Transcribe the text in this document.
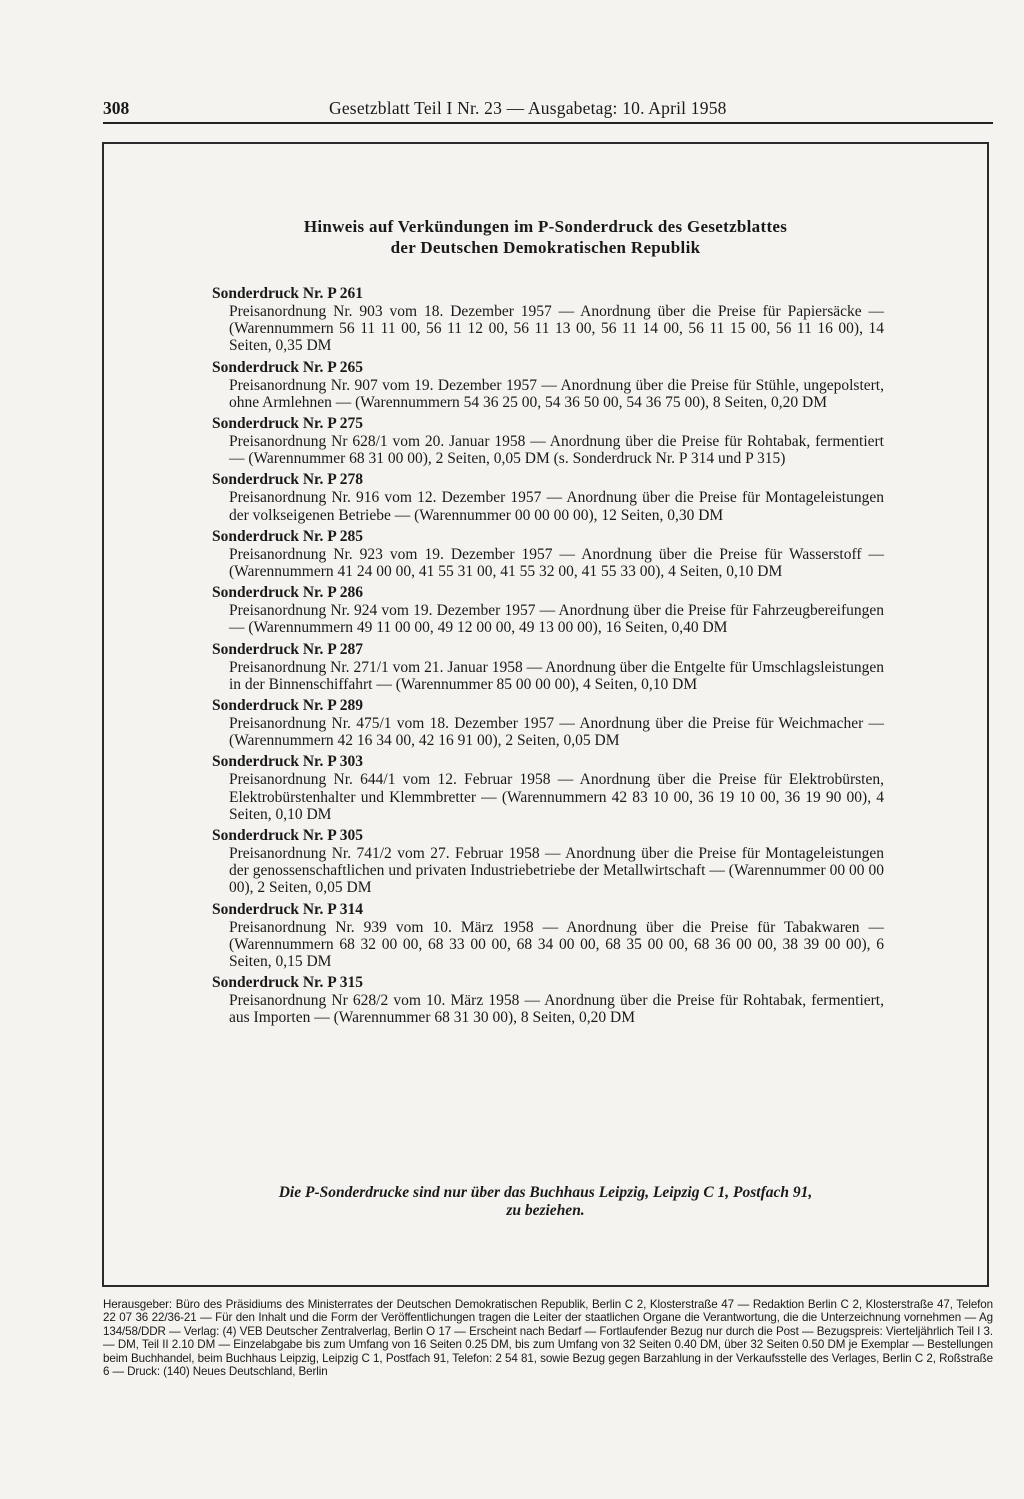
308	Gesetzblatt Teil I Nr. 23 — Ausgabetag: 10. April 1958
Hinweis auf Verkündungen im P-Sonderdruck des Gesetzblattes
der Deutschen Demokratischen Republik
Sonderdruck Nr. P 261
Preisanordnung Nr. 903 vom 18. Dezember 1957 — Anordnung über die Preise für Papiersäcke — (Warennummern 56 11 11 00, 56 11 12 00, 56 11 13 00, 56 11 14 00, 56 11 15 00, 56 11 16 00), 14 Seiten, 0,35 DM
Sonderdruck Nr. P 265
Preisanordnung Nr. 907 vom 19. Dezember 1957 — Anordnung über die Preise für Stühle, ungepolstert, ohne Armlehnen — (Warennummern 54 36 25 00, 54 36 50 00, 54 36 75 00), 8 Seiten, 0,20 DM
Sonderdruck Nr. P 275
Preisanordnung Nr 628/1 vom 20. Januar 1958 — Anordnung über die Preise für Rohtabak, fermentiert — (Warennummer 68 31 00 00), 2 Seiten, 0,05 DM (s. Sonderdruck Nr. P 314 und P 315)
Sonderdruck Nr. P 278
Preisanordnung Nr. 916 vom 12. Dezember 1957 — Anordnung über die Preise für Montageleistungen der volkseigenen Betriebe — (Warennummer 00 00 00 00), 12 Seiten, 0,30 DM
Sonderdruck Nr. P 285
Preisanordnung Nr. 923 vom 19. Dezember 1957 — Anordnung über die Preise für Wasserstoff — (Warennummern 41 24 00 00, 41 55 31 00, 41 55 32 00, 41 55 33 00), 4 Seiten, 0,10 DM
Sonderdruck Nr. P 286
Preisanordnung Nr. 924 vom 19. Dezember 1957 — Anordnung über die Preise für Fahrzeugbereifungen — (Warennummern 49 11 00 00, 49 12 00 00, 49 13 00 00), 16 Seiten, 0,40 DM
Sonderdruck Nr. P 287
Preisanordnung Nr. 271/1 vom 21. Januar 1958 — Anordnung über die Entgelte für Umschlagsleistungen in der Binnenschiffahrt — (Warennummer 85 00 00 00), 4 Seiten, 0,10 DM
Sonderdruck Nr. P 289
Preisanordnung Nr. 475/1 vom 18. Dezember 1957 — Anordnung über die Preise für Weichmacher — (Warennummern 42 16 34 00, 42 16 91 00), 2 Seiten, 0,05 DM
Sonderdruck Nr. P 303
Preisanordnung Nr. 644/1 vom 12. Februar 1958 — Anordnung über die Preise für Elektrobürsten, Elektrobürstenhalter und Klemmbretter — (Warennummern 42 83 10 00, 36 19 10 00, 36 19 90 00), 4 Seiten, 0,10 DM
Sonderdruck Nr. P 305
Preisanordnung Nr. 741/2 vom 27. Februar 1958 — Anordnung über die Preise für Montageleistungen der genossenschaftlichen und privaten Industriebetriebe der Metallwirtschaft — (Warennummer 00 00 00 00), 2 Seiten, 0,05 DM
Sonderdruck Nr. P 314
Preisanordnung Nr. 939 vom 10. März 1958 — Anordnung über die Preise für Tabakwaren — (Warennummern 68 32 00 00, 68 33 00 00, 68 34 00 00, 68 35 00 00, 68 36 00 00, 38 39 00 00), 6 Seiten, 0,15 DM
Sonderdruck Nr. P 315
Preisanordnung Nr 628/2 vom 10. März 1958 — Anordnung über die Preise für Rohtabak, fermentiert, aus Importen — (Warennummer 68 31 30 00), 8 Seiten, 0,20 DM
Die P-Sonderdrucke sind nur über das Buchhaus Leipzig, Leipzig C 1, Postfach 91,
zu beziehen.
Herausgeber: Büro des Präsidiums des Ministerrates der Deutschen Demokratischen Republik, Berlin C 2, Klosterstraße 47 — Redaktion Berlin C 2, Klosterstraße 47, Telefon 22 07 36 22/36-21 — Für den Inhalt und die Form der Veröffentlichungen tragen die Leiter der staatlichen Organe die Verantwortung, die die Unterzeichnung vornehmen — Ag 134/58/DDR — Verlag: (4) VEB Deutscher Zentralverlag, Berlin O 17 — Erscheint nach Bedarf — Fortlaufender Bezug nur durch die Post — Bezugspreis: Vierteljährlich Teil I 3.— DM, Teil II 2.10 DM — Einzelabgabe bis zum Umfang von 16 Seiten 0.25 DM, bis zum Umfang von 32 Seiten 0.40 DM, über 32 Seiten 0.50 DM je Exemplar — Bestellungen beim Buchhandel, beim Buchhaus Leipzig, Leipzig C 1, Postfach 91, Telefon: 2 54 81, sowie Bezug gegen Barzahlung in der Verkaufsstelle des Verlages, Berlin C 2, Roßstraße 6 — Druck: (140) Neues Deutschland, Berlin
